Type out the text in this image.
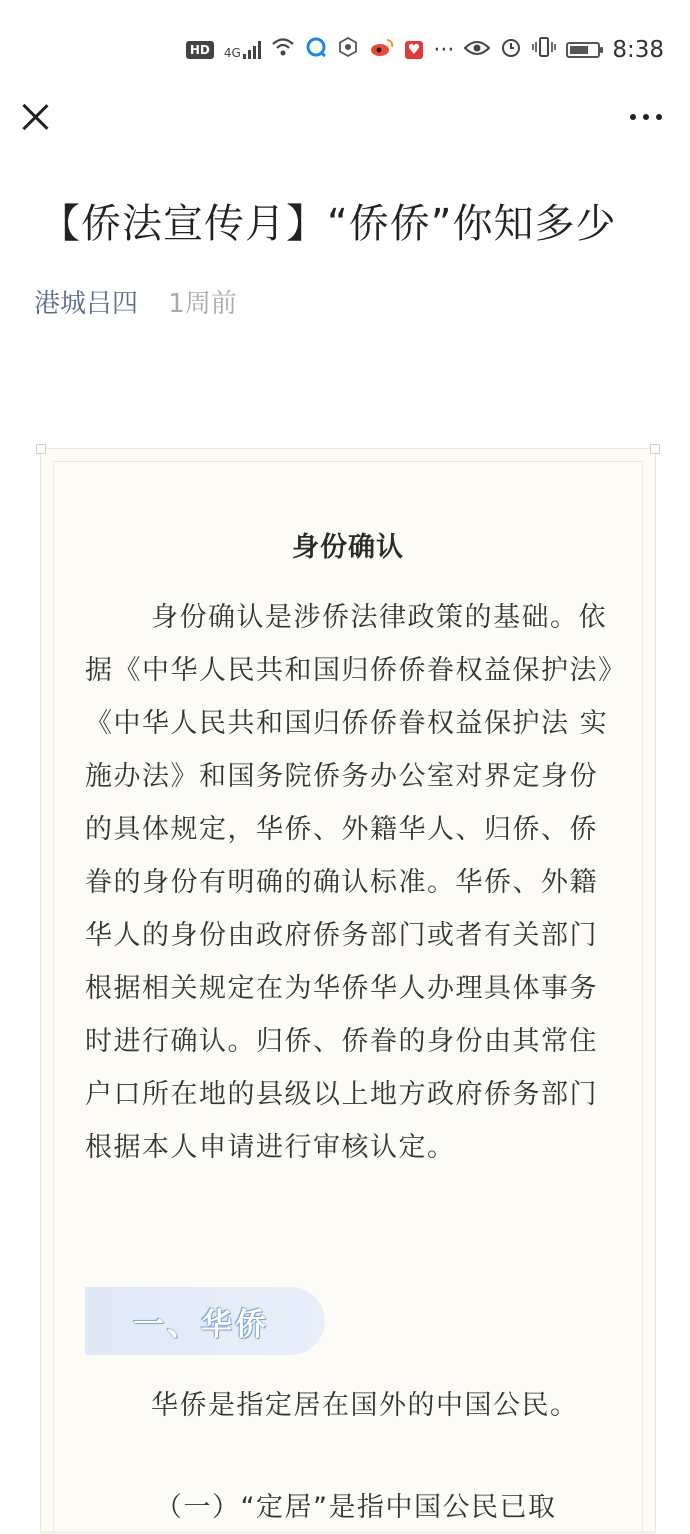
HD	4G	♥ ···	8:38
【侨法宣传月】“侨侨”你知多少
港城吕四 1周前
身份确认

身份确认是涉侨法律政策的基础。依据《中华人民共和国归侨侨眷权益保护法》《中华人民共和国归侨侨眷权益保护法 实施办法》和国务院侨务办公室对界定身份的具体规定，华侨、外籍华人、归侨、侨眷的身份有明确的确认标准。华侨、外籍 华人的身份由政府侨务部门或者有关部门根据相关规定在为华侨华人办理具体事务时进行确认。归侨、侨眷的身份由其常住户口所在地的县级以上地方政府侨务部门根据本人申请进行审核认定。

一、华侨

华侨是指定居在国外的中国公民。

（一）“定居”是指中国公民已取
